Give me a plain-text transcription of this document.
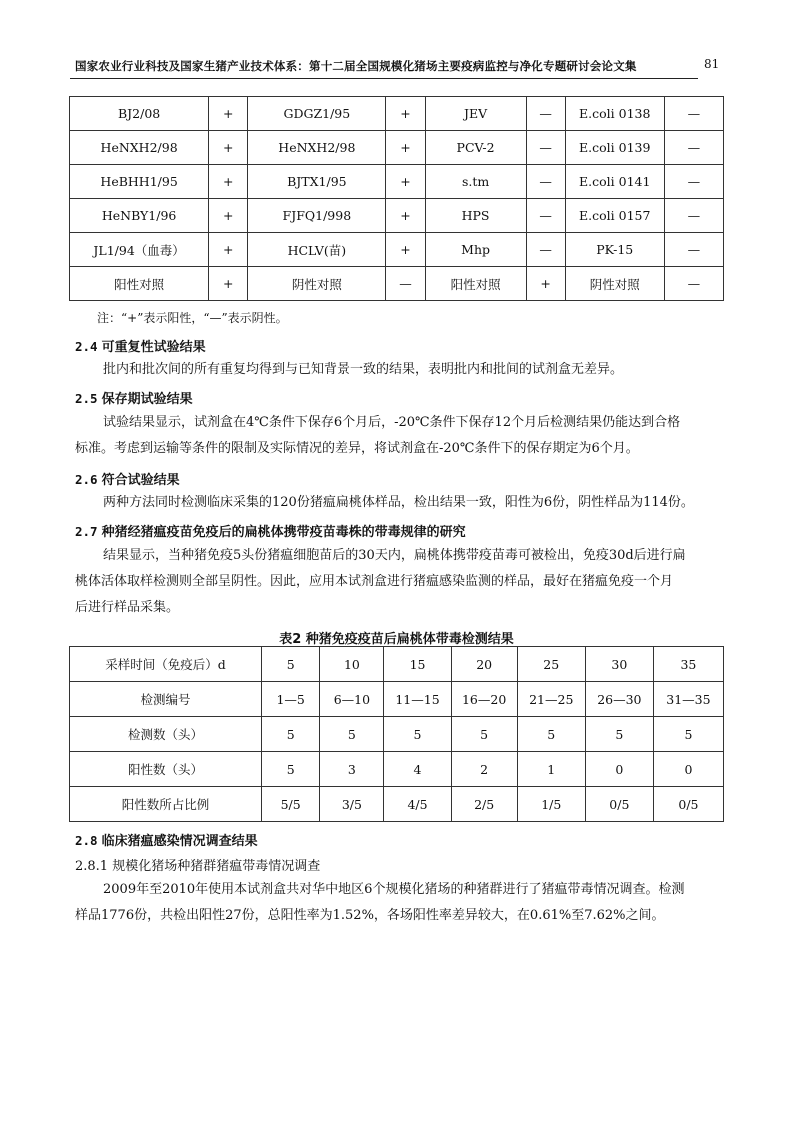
国家农业行业科技及国家生猪产业技术体系：第十二届全国规模化猪场主要疫病监控与净化专题研讨会论文集	81
BJ2/08	+	GDGZ1/95	+	JEV	—	E.coli 0138	—
HeNXH2/98	+	HeNXH2/98	+	PCV-2	—	E.coli 0139	—
HeBHH1/95	+	BJTX1/95	+	s.tm	—	E.coli 0141	—
HeNBY1/96	+	FJFQ1/998	+	HPS	—	E.coli 0157	—
JL1/94（血毒）	+	HCLV(苗)	+	Mhp	—	PK-15	—
阳性对照	+	阴性对照	—	阳性对照	+	阴性对照	—
注：“+”表示阳性，“—”表示阴性。
2.4 可重复性试验结果
批内和批次间的所有重复均得到与已知背景一致的结果，表明批内和批间的试剂盒无差异。
2.5 保存期试验结果
试验结果显示，试剂盒在4℃条件下保存6个月后，-20℃条件下保存12个月后检测结果仍能达到合格
标准。考虑到运输等条件的限制及实际情况的差异，将试剂盒在-20℃条件下的保存期定为6个月。
2.6 符合试验结果
两种方法同时检测临床采集的120份猪瘟扁桃体样品，检出结果一致，阳性为6份，阴性样品为114份。
2.7 种猪经猪瘟疫苗免疫后的扁桃体携带疫苗毒株的带毒规律的研究
结果显示，当种猪免疫5头份猪瘟细胞苗后的30天内，扁桃体携带疫苗毒可被检出，免疫30d后进行扁
桃体活体取样检测则全部呈阴性。因此，应用本试剂盒进行猪瘟感染监测的样品，最好在猪瘟免疫一个月
后进行样品采集。
表2 种猪免疫疫苗后扁桃体带毒检测结果
采样时间（免疫后）d	5	10	15	20	25	30	35
检测编号	1—5	6—10	11—15	16—20	21—25	26—30	31—35
检测数（头）	5	5	5	5	5	5	5
阳性数（头）	5	3	4	2	1	0	0
阳性数所占比例	5/5	3/5	4/5	2/5	1/5	0/5	0/5
2.8 临床猪瘟感染情况调查结果
2.8.1 规模化猪场种猪群猪瘟带毒情况调查
2009年至2010年使用本试剂盒共对华中地区6个规模化猪场的种猪群进行了猪瘟带毒情况调查。检测
样品1776份，共检出阳性27份，总阳性率为1.52%，各场阳性率差异较大，在0.61%至7.62%之间。
